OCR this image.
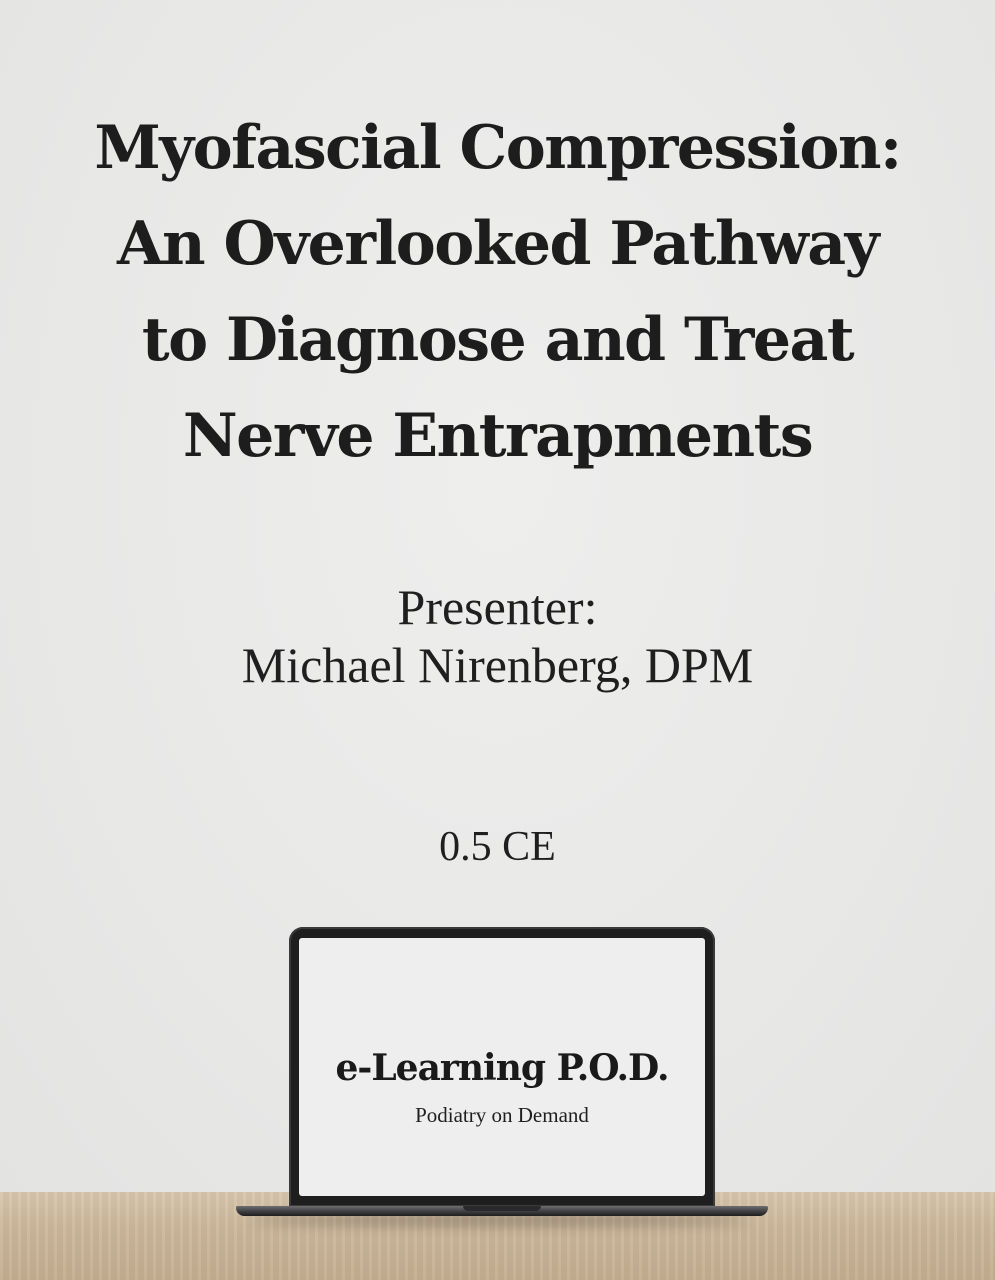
Myofascial Compression:
An Overlooked Pathway
to Diagnose and Treat
Nerve Entrapments
Presenter:
Michael Nirenberg, DPM
0.5 CE
e-Learning P.O.D.
Podiatry on Demand
